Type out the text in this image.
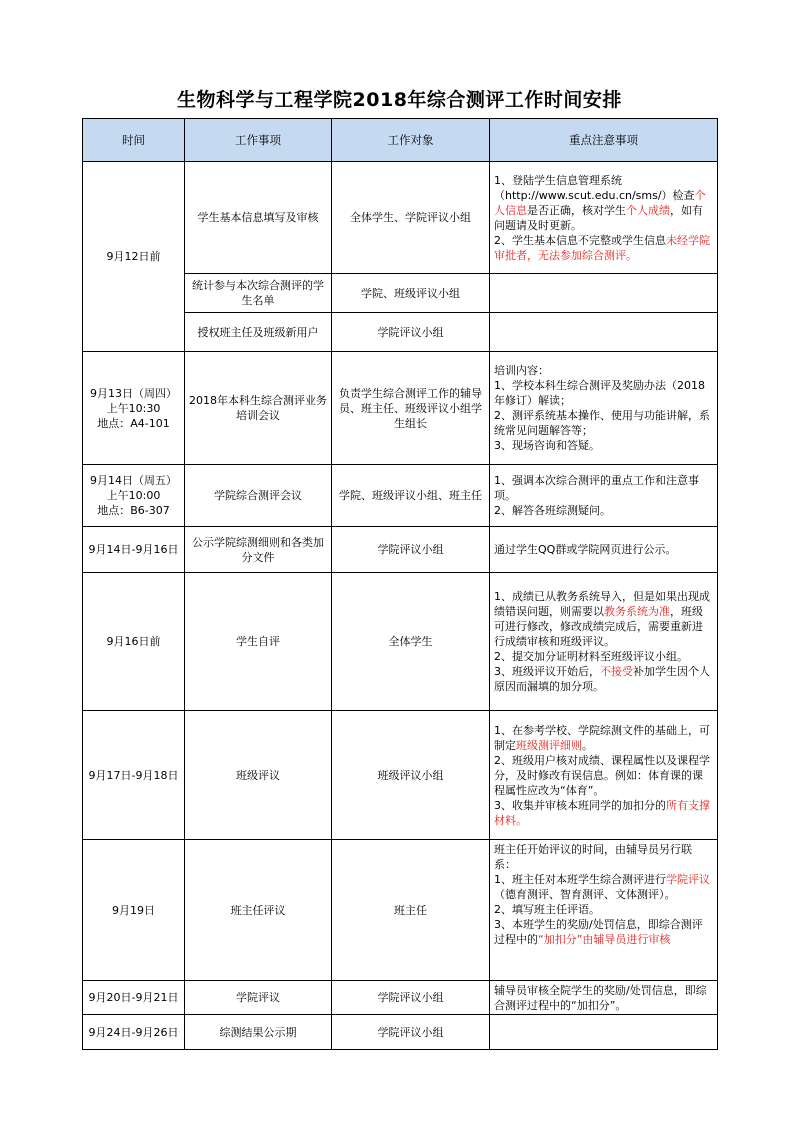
生物科学与工程学院2018年综合测评工作时间安排
时间	工作事项	工作对象	重点注意事项

9月12日前	学生基本信息填写及审核	全体学生、学院评议小组	1、登陆学生信息管理系统（http://www.scut.edu.cn/sms/）检查个人信息是否正确，核对学生个人成绩，如有问题请及时更新。
2、学生基本信息不完整或学生信息未经学院审批者，无法参加综合测评。

	统计参与本次综合测评的学生名单	学院、班级评议小组	
	授权班主任及班级新用户	学院评议小组	

9月13日（周四）
上午10:30
地点：A4-101	2018年本科生综合测评业务培训会议	负责学生综合测评工作的辅导员、班主任、班级评议小组学生组长	培训内容：
1、学校本科生综合测评及奖励办法（2018年修订）解读；
2、测评系统基本操作、使用与功能讲解，系统常见问题解答等；
3、现场咨询和答疑。

9月14日（周五）
上午10:00
地点：B6-307	学院综合测评会议	学院、班级评议小组、班主任	1、强调本次综合测评的重点工作和注意事项。
2、解答各班综测疑问。

9月14日-9月16日	公示学院综测细则和各类加分文件	学院评议小组	通过学生QQ群或学院网页进行公示。

9月16日前	学生自评	全体学生	1、成绩已从教务系统导入，但是如果出现成绩错误问题，则需要以教务系统为准，班级可进行修改，修改成绩完成后，需要重新进行成绩审核和班级评议。
2、提交加分证明材料至班级评议小组。
3、班级评议开始后，不接受补加学生因个人原因而漏填的加分项。

9月17日-9月18日	班级评议	班级评议小组	1、在参考学校、学院综测文件的基础上，可制定班级测评细则。
2、班级用户核对成绩、课程属性以及课程学分，及时修改有误信息。例如：体育课的课程属性应改为“体育”。
3、收集并审核本班同学的加扣分的所有支撑材料。

9月19日	班主任评议	班主任	班主任开始评议的时间，由辅导员另行联系：
1、班主任对本班学生综合测评进行学院评议（德育测评、智育测评、文体测评）。
2、填写班主任评语。
3、本班学生的奖励/处罚信息，即综合测评过程中的“加扣分”由辅导员进行审核

9月20日-9月21日	学院评议	学院评议小组	辅导员审核全院学生的奖励/处罚信息，即综合测评过程中的“加扣分”。

9月24日-9月26日	综测结果公示期	学院评议小组	
